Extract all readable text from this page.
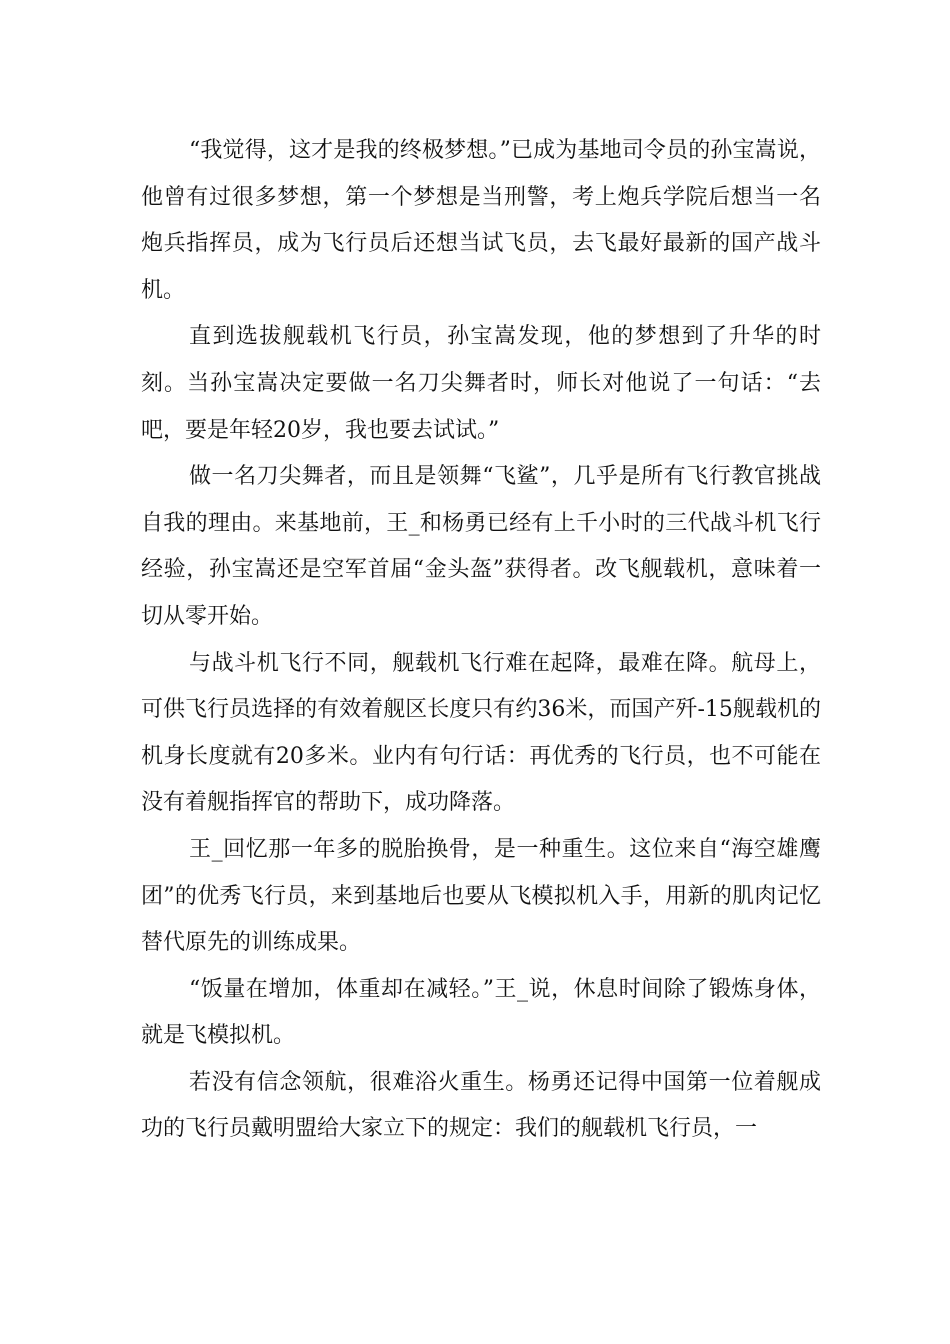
“我觉得，这才是我的终极梦想。”已成为基地司令员的孙宝嵩说，他曾有过很多梦想，第一个梦想是当刑警，考上炮兵学院后想当一名炮兵指挥员，成为飞行员后还想当试飞员，去飞最好最新的国产战斗机。

直到选拔舰载机飞行员，孙宝嵩发现，他的梦想到了升华的时刻。当孙宝嵩决定要做一名刀尖舞者时，师长对他说了一句话：“去吧，要是年轻20岁，我也要去试试。”

做一名刀尖舞者，而且是领舞“飞鲨”，几乎是所有飞行教官挑战自我的理由。来基地前，王_和杨勇已经有上千小时的三代战斗机飞行经验，孙宝嵩还是空军首届“金头盔”获得者。改飞舰载机，意味着一切从零开始。

与战斗机飞行不同，舰载机飞行难在起降，最难在降。航母上，可供飞行员选择的有效着舰区长度只有约36米，而国产歼-15舰载机的机身长度就有20多米。业内有句行话：再优秀的飞行员，也不可能在没有着舰指挥官的帮助下，成功降落。

王_回忆那一年多的脱胎换骨，是一种重生。这位来自“海空雄鹰团”的优秀飞行员，来到基地后也要从飞模拟机入手，用新的肌肉记忆替代原先的训练成果。

“饭量在增加，体重却在减轻。”王_说，休息时间除了锻炼身体，就是飞模拟机。

若没有信念领航，很难浴火重生。杨勇还记得中国第一位着舰成功的飞行员戴明盟给大家立下的规定：我们的舰载机飞行员，一
